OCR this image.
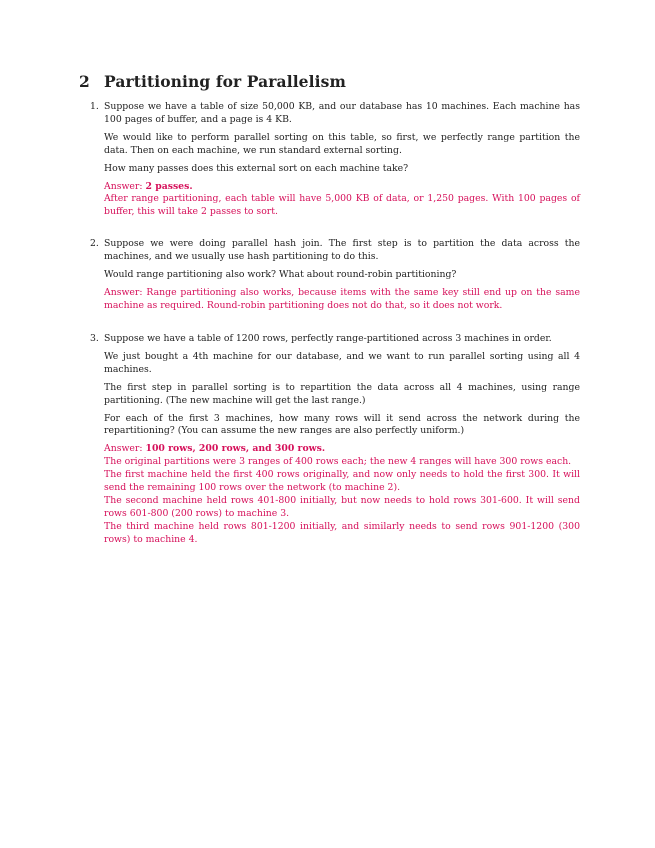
2 Partitioning for Parallelism
1. Suppose we have a table of size 50,000 KB, and our database has 10 machines. Each machine has 100 pages of buffer, and a page is 4 KB.

We would like to perform parallel sorting on this table, so first, we perfectly range partition the data. Then on each machine, we run standard external sorting.

How many passes does this external sort on each machine take?

Answer: 2 passes.

After range partitioning, each table will have 5,000 KB of data, or 1,250 pages. With 100 pages of buffer, this will take 2 passes to sort.

2. Suppose we were doing parallel hash join. The first step is to partition the data across the machines, and we usually use hash partitioning to do this.

Would range partitioning also work? What about round-robin partitioning?

Answer: Range partitioning also works, because items with the same key still end up on the same machine as required. Round-robin partitioning does not do that, so it does not work.

3. Suppose we have a table of 1200 rows, perfectly range-partitioned across 3 machines in order.

We just bought a 4th machine for our database, and we want to run parallel sorting using all 4 machines.

The first step in parallel sorting is to repartition the data across all 4 machines, using range partitioning. (The new machine will get the last range.)

For each of the first 3 machines, how many rows will it send across the network during the repartitioning? (You can assume the new ranges are also perfectly uniform.)

Answer: 100 rows, 200 rows, and 300 rows.

The original partitions were 3 ranges of 400 rows each; the new 4 ranges will have 300 rows each.

The first machine held the first 400 rows originally, and now only needs to hold the first 300. It will send the remaining 100 rows over the network (to machine 2).

The second machine held rows 401-800 initially, but now needs to hold rows 301-600. It will send rows 601-800 (200 rows) to machine 3.

The third machine held rows 801-1200 initially, and similarly needs to send rows 901-1200 (300 rows) to machine 4.
